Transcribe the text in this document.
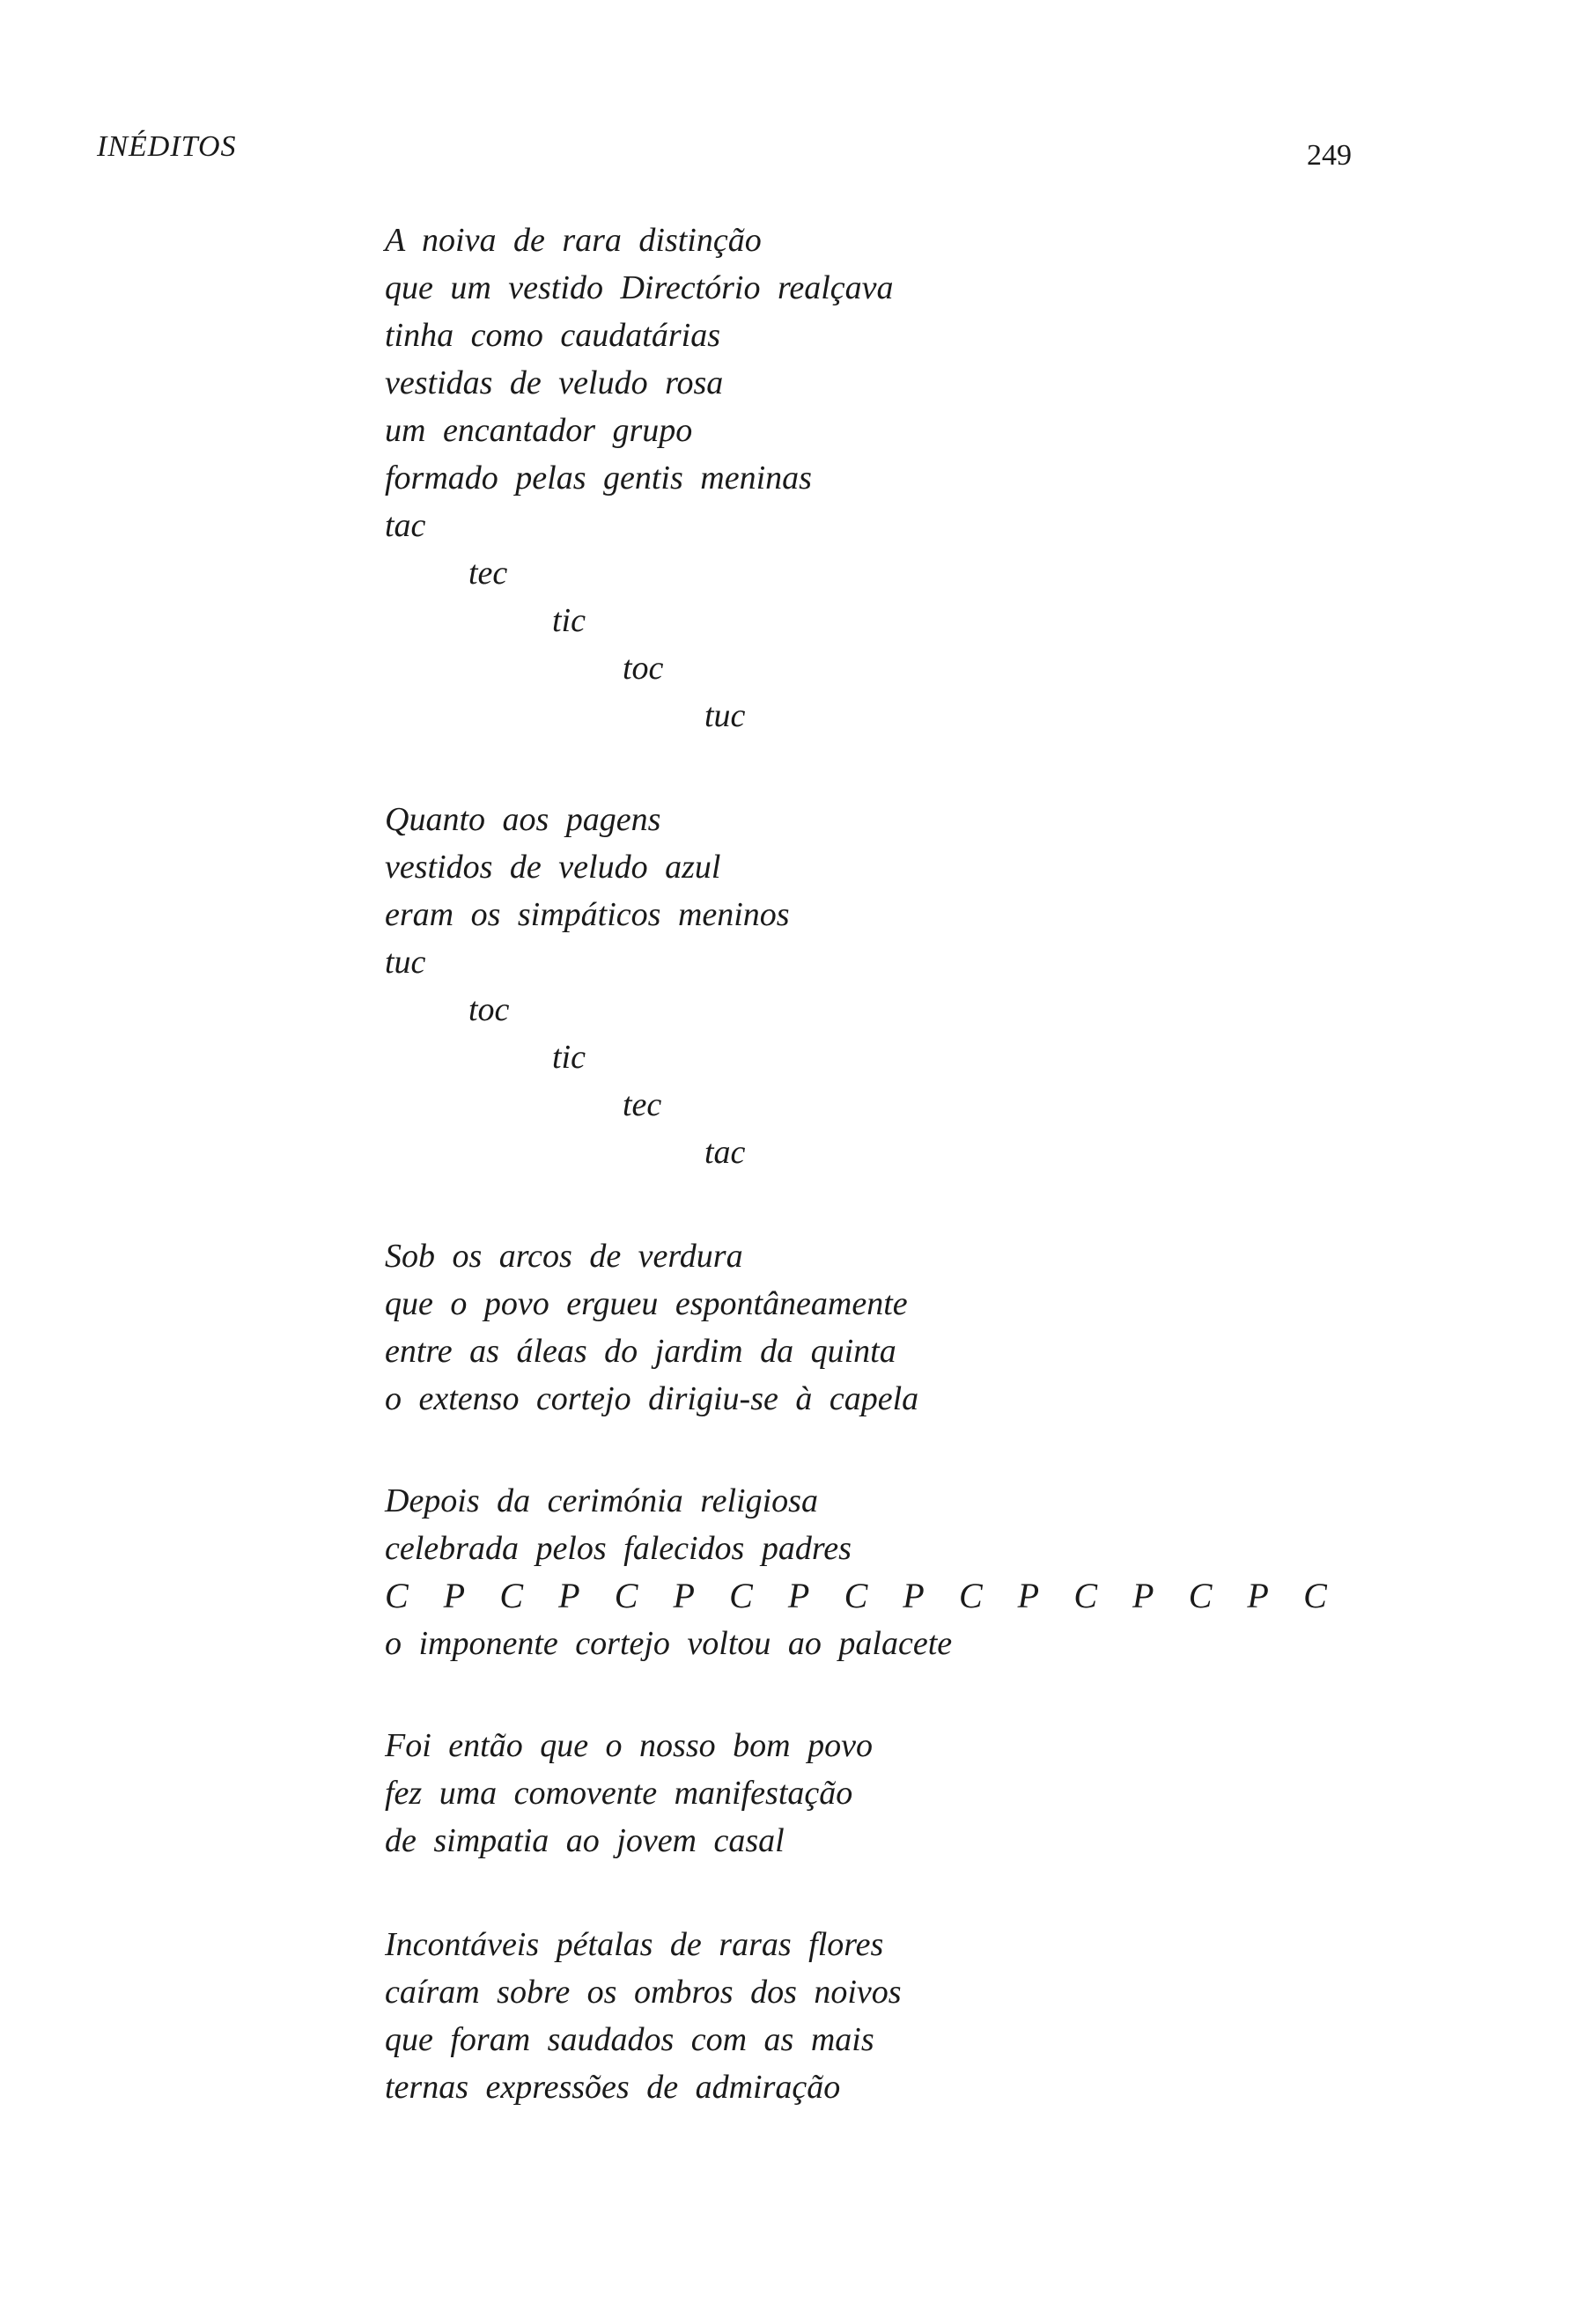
INÉDITOS	249
A noiva de rara distinção
que um vestido Directório realçava
tinha como caudatárias
vestidas de veludo rosa
um encantador grupo
formado pelas gentis meninas
tac
tec
tic
toc
tuc
Quanto aos pagens
vestidos de veludo azul
eram os simpáticos meninos
tuc
toc
tic
tec
tac
Sob os arcos de verdura
que o povo ergueu espontâneamente
entre as áleas do jardim da quinta
o extenso cortejo dirigiu-se à capela
Depois da cerimónia religiosa
celebrada pelos falecidos padres
C P C P C P C P C P C P C P C P C
o imponente cortejo voltou ao palacete
Foi então que o nosso bom povo
fez uma comovente manifestação
de simpatia ao jovem casal
Incontáveis pétalas de raras flores
caíram sobre os ombros dos noivos
que foram saudados com as mais
ternas expressões de admiração
